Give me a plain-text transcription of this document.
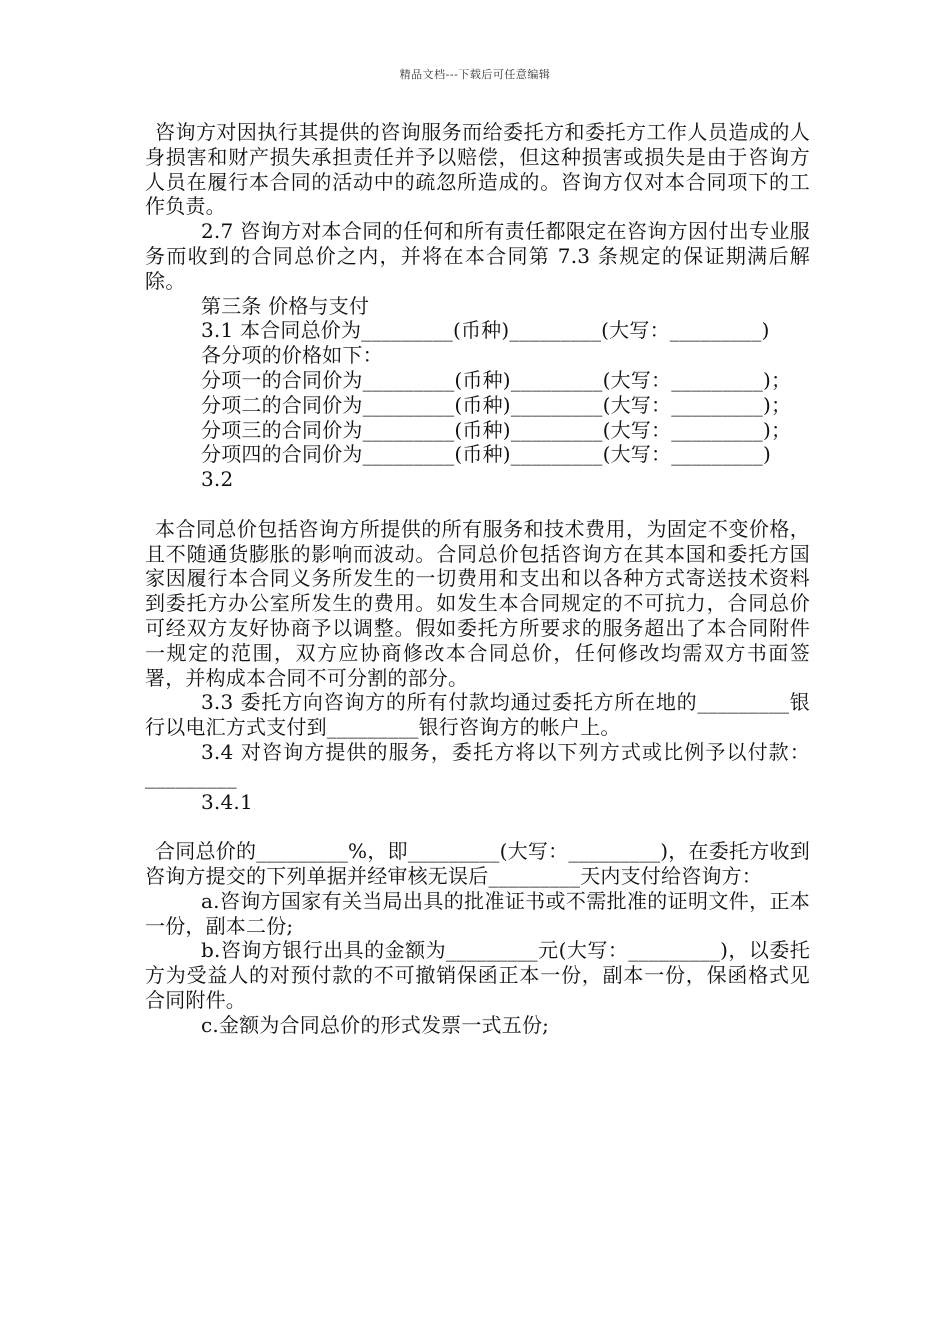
精品文档---下载后可任意编辑

咨询方对因执行其提供的咨询服务而给委托方和委托方工作人员造成的人身损害和财产损失承担责任并予以赔偿，但这种损害或损失是由于咨询方人员在履行本合同的活动中的疏忽所造成的。咨询方仅对本合同项下的工作负责。

2.7 咨询方对本合同的任何和所有责任都限定在咨询方因付出专业服务而收到的合同总价之内，并将在本合同第 7.3 条规定的保证期满后解除。

第三条 价格与支付

3.1 本合同总价为_________(币种)_________(大写：_________)

各分项的价格如下：

分项一的合同价为_________(币种)_________(大写：_________)；

分项二的合同价为_________(币种)_________(大写：_________)；

分项三的合同价为_________(币种)_________(大写：_________)；

分项四的合同价为_________(币种)_________(大写：_________)

3.2

本合同总价包括咨询方所提供的所有服务和技术费用，为固定不变价格，且不随通货膨胀的影响而波动。合同总价包括咨询方在其本国和委托方国家因履行本合同义务所发生的一切费用和支出和以各种方式寄送技术资料到委托方办公室所发生的费用。如发生本合同规定的不可抗力，合同总价可经双方友好协商予以调整。假如委托方所要求的服务超出了本合同附件一规定的范围，双方应协商修改本合同总价，任何修改均需双方书面签署，并构成本合同不可分割的部分。

3.3 委托方向咨询方的所有付款均通过委托方所在地的_________银行以电汇方式支付到_________银行咨询方的帐户上。

3.4 对咨询方提供的服务，委托方将以下列方式或比例予以付款：_________

3.4.1

合同总价的_________%，即_________(大写：_________)，在委托方收到咨询方提交的下列单据并经审核无误后_________天内支付给咨询方：

a.咨询方国家有关当局出具的批准证书或不需批准的证明文件，正本一份，副本二份;

b.咨询方银行出具的金额为_________元(大写：_________)，以委托方为受益人的对预付款的不可撤销保函正本一份，副本一份，保函格式见合同附件。

c.金额为合同总价的形式发票一式五份;
